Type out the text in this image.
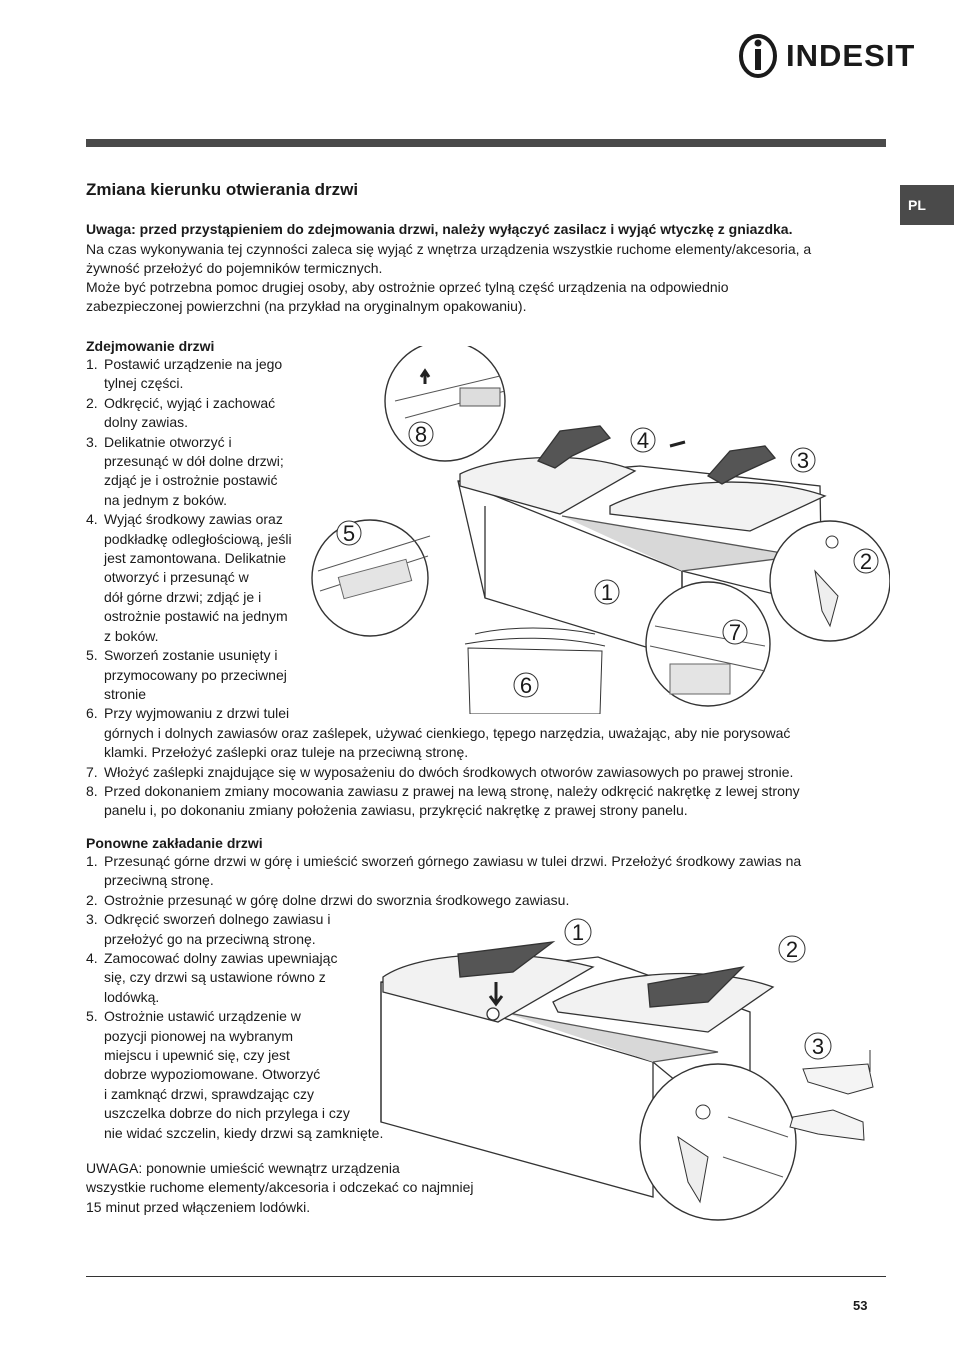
INDESIT
PL
Zmiana kierunku otwierania drzwi
Uwaga: przed przystąpieniem do zdejmowania drzwi, należy wyłączyć zasilacz i wyjąć wtyczkę z gniazdka.
Na czas wykonywania tej czynności zaleca się wyjąć z wnętrza urządzenia wszystkie ruchome elementy/akcesoria, a
żywność przełożyć do pojemników termicznych.
Może być potrzebna pomoc drugiej osoby, aby ostrożnie oprzeć tylną część urządzenia na odpowiednio
zabezpieczonej powierzchni (na przykład na oryginalnym opakowaniu).
Zdejmowanie drzwi
1. Postawić urządzenie na jego
tylnej części.
2. Odkręcić, wyjąć i zachować
dolny zawias.
3. Delikatnie otworzyć i
przesunąć w dół dolne drzwi;
zdjąć je i ostrożnie postawić
na jednym z boków.
4. Wyjąć środkowy zawias oraz
podkładkę odległościową, jeśli
jest zamontowana. Delikatnie
otworzyć i przesunąć w
dół górne drzwi; zdjąć je i
ostrożnie postawić na jednym
z boków.
5. Sworzeń zostanie usunięty i
przymocowany po przeciwnej
stronie
6. Przy wyjmowaniu z drzwi tulei
górnych i dolnych zawiasów oraz zaślepek, używać cienkiego, tępego narzędzia, uważając, aby nie porysować
klamki. Przełożyć zaślepki oraz tuleje na przeciwną stronę.
7. Włożyć zaślepki znajdujące się w wyposażeniu do dwóch środkowych otworów zawiasowych po prawej stronie.
8. Przed dokonaniem zmiany mocowania zawiasu z prawej na lewą stronę, należy odkręcić nakrętkę z lewej strony
panelu i, po dokonaniu zmiany położenia zawiasu, przykręcić nakrętkę z prawej strony panelu.
1
2
3
4
5
6
7
8
Ponowne zakładanie drzwi
1. Przesunąć górne drzwi w górę i umieścić sworzeń górnego zawiasu w tulei drzwi. Przełożyć środkowy zawias na
przeciwną stronę.
2. Ostrożnie przesunąć w górę dolne drzwi do sworznia środkowego zawiasu.
3. Odkręcić sworzeń dolnego zawiasu i
przełożyć go na przeciwną stronę.
4. Zamocować dolny zawias upewniając
się, czy drzwi są ustawione równo z
lodówką.
5. Ostrożnie ustawić urządzenie w
pozycji pionowej na wybranym
miejscu i upewnić się, czy jest
dobrze wypoziomowane. Otworzyć
i zamknąć drzwi, sprawdzając czy
uszczelka dobrze do nich przylega i czy
nie widać szczelin, kiedy drzwi są zamknięte.
UWAGA: ponownie umieścić wewnątrz urządzenia
wszystkie ruchome elementy/akcesoria i odczekać co najmniej
15 minut przed włączeniem lodówki.
1
2
3
53
